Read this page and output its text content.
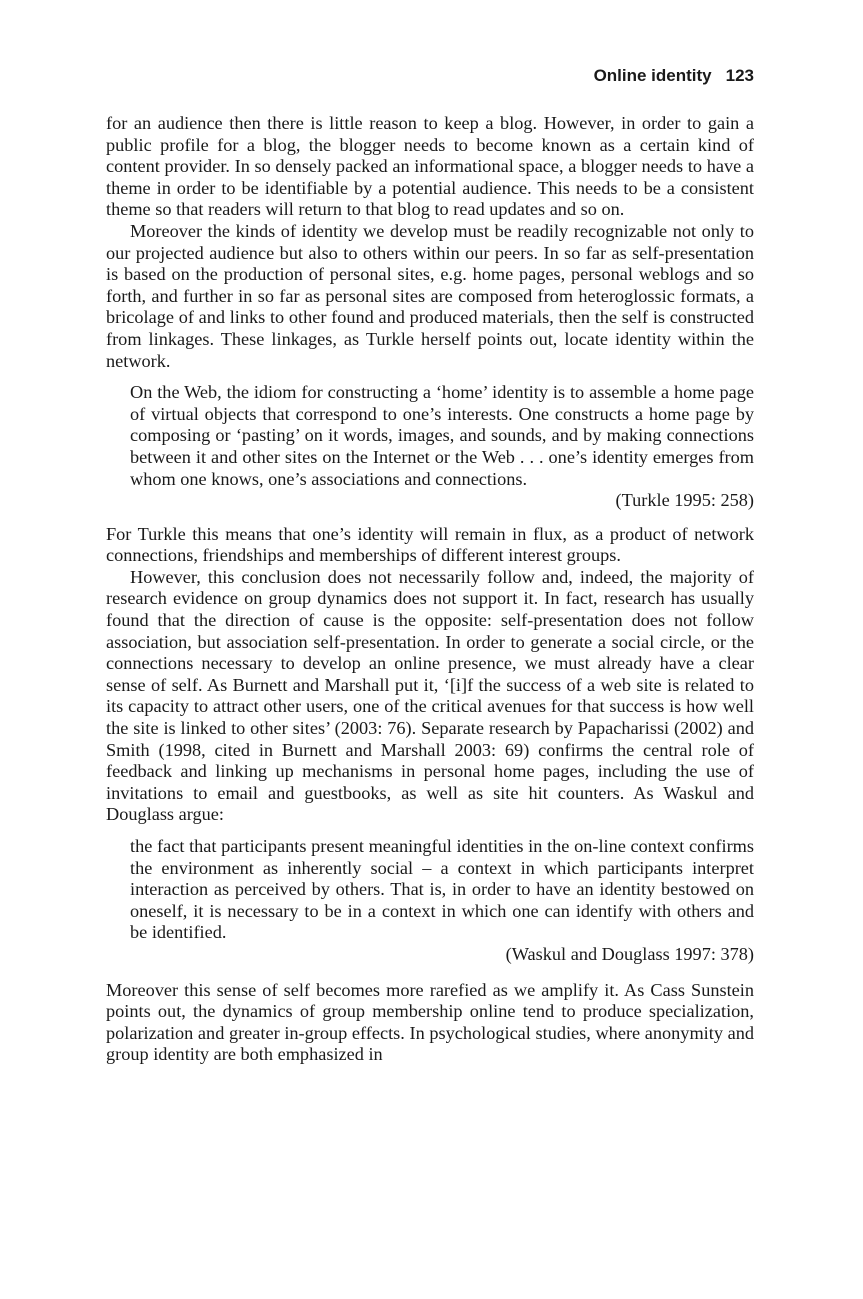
Online identity 123

for an audience then there is little reason to keep a blog. However, in order to gain a public profile for a blog, the blogger needs to become known as a certain kind of content provider. In so densely packed an informational space, a blogger needs to have a theme in order to be identifiable by a potential audience. This needs to be a consistent theme so that readers will return to that blog to read updates and so on.

Moreover the kinds of identity we develop must be readily recognizable not only to our projected audience but also to others within our peers. In so far as self-presentation is based on the production of personal sites, e.g. home pages, personal weblogs and so forth, and further in so far as personal sites are composed from heteroglossic formats, a bricolage of and links to other found and produced materials, then the self is constructed from linkages. These linkages, as Turkle herself points out, locate identity within the network.

On the Web, the idiom for constructing a ‘home’ identity is to assemble a home page of virtual objects that correspond to one’s interests. One constructs a home page by composing or ‘pasting’ on it words, images, and sounds, and by making connections between it and other sites on the Internet or the Web . . . one’s identity emerges from whom one knows, one’s associations and connections.

(Turkle 1995: 258)

For Turkle this means that one’s identity will remain in flux, as a product of network connections, friendships and memberships of different interest groups.

However, this conclusion does not necessarily follow and, indeed, the majority of research evidence on group dynamics does not support it. In fact, research has usually found that the direction of cause is the opposite: self-presentation does not follow association, but association self-presentation. In order to generate a social circle, or the connections necessary to develop an online presence, we must already have a clear sense of self. As Burnett and Marshall put it, ‘[i]f the success of a web site is related to its capacity to attract other users, one of the critical avenues for that success is how well the site is linked to other sites’ (2003: 76). Separate research by Papacharissi (2002) and Smith (1998, cited in Burnett and Marshall 2003: 69) confirms the central role of feedback and linking up mechanisms in personal home pages, including the use of invitations to email and guestbooks, as well as site hit counters. As Waskul and Douglass argue:

the fact that participants present meaningful identities in the on-line context confirms the environment as inherently social – a context in which participants interpret interaction as perceived by others. That is, in order to have an identity bestowed on oneself, it is necessary to be in a context in which one can identify with others and be identified.

(Waskul and Douglass 1997: 378)

Moreover this sense of self becomes more rarefied as we amplify it. As Cass Sunstein points out, the dynamics of group membership online tend to produce specialization, polarization and greater in-group effects. In psychological studies, where anonymity and group identity are both emphasized in
